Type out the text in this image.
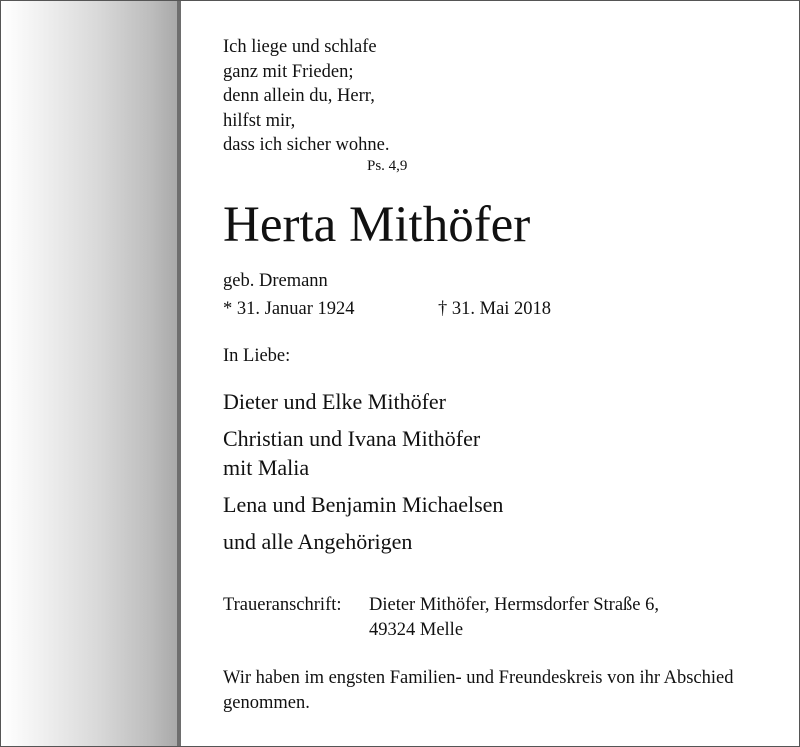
Ich liege und schlafe
ganz mit Frieden;
denn allein du, Herr,
hilfst mir,
dass ich sicher wohne.
Ps. 4,9
Herta Mithöfer
geb. Dremann
* 31. Januar 1924	† 31. Mai 2018
In Liebe:
Dieter und Elke Mithöfer
Christian und Ivana Mithöfer
mit Malia
Lena und Benjamin Michaelsen
und alle Angehörigen
Traueranschrift: Dieter Mithöfer, Hermsdorfer Straße 6,
49324 Melle
Wir haben im engsten Familien- und Freundeskreis von ihr Abschied genommen.
